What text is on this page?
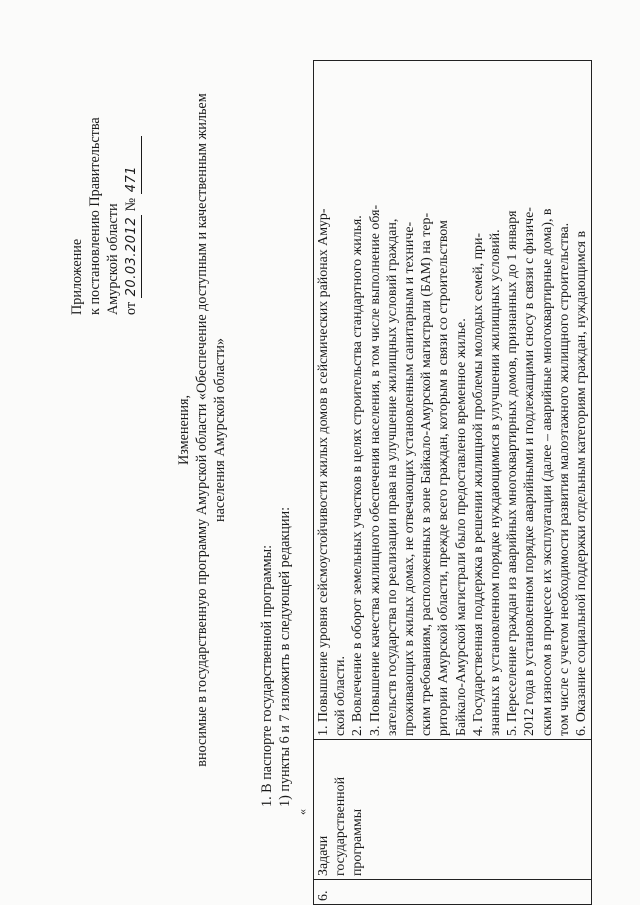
Приложение к постановлению Правительства Амурской области от 20.03.2012 № 471
Изменения, вносимые в государственную программу Амурской области «Обеспечение доступным и качественным жильем населения Амурской области»
1. В паспорте государственной программы: 1) пункты 6 и 7 изложить в следующей редакции:
«
6.	
Задачи государственной программы

1. Повышение уровня сейсмоустойчивости жилых домов в сейсмических районах Амур- ской области. 2. Вовлечение в оборот земельных участков в целях строительства стандартного жилья. 3. Повышение качества жилищного обеспечения населения, в том числе выполнение обя- зательств государства по реализации права на улучшение жилищных условий граждан, проживающих в жилых домах, не отвечающих установленным санитарным и техниче- ским требованиям, расположенных в зоне Байкало-Амурской магистрали (БАМ) на тер- ритории Амурской области, прежде всего граждан, которым в связи со строительством Байкало-Амурской магистрали было предоставлено временное жилье. 4. Государственная поддержка в решении жилищной проблемы молодых семей, при- знанных в установленном порядке нуждающимися в улучшении жилищных условий. 5. Переселение граждан из аварийных многоквартирных домов, признанных до 1 января 2012 года в установленном порядке аварийными и подлежащими сносу в связи с физиче- ским износом в процессе их эксплуатации (далее – аварийные многоквартирные дома), в том числе с учетом необходимости развития малоэтажного жилищного строительства. 6. Оказание социальной поддержки отдельным категориям граждан, нуждающимся в
